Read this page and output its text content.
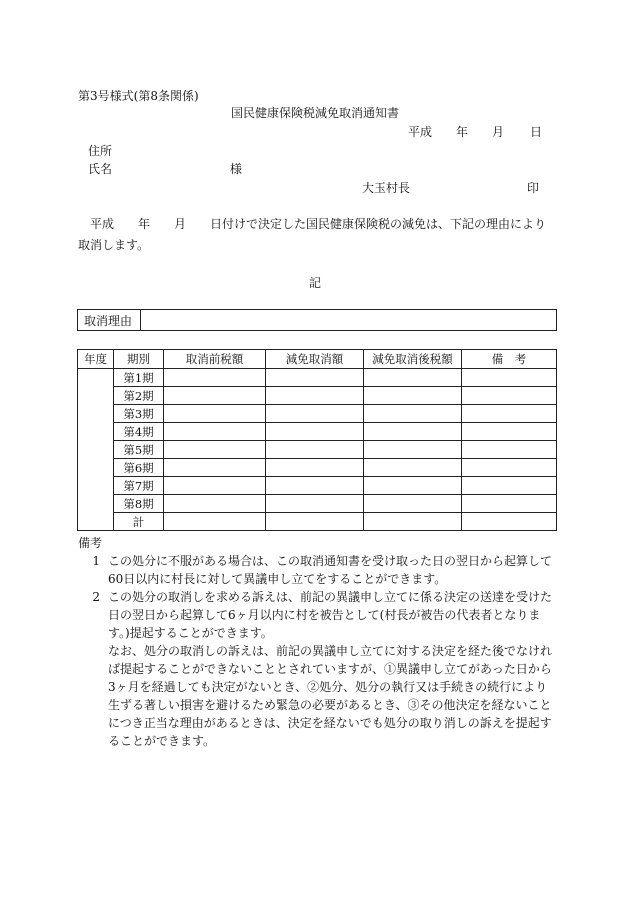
第3号様式(第8条関係)
国民健康保険税減免取消通知書
平成 年 月 日
住所
氏名	様
大玉村長	印
平成　　年　　月　　日付けで決定した国民健康保険税の減免は、下記の理由により取消します。
記
取消理由	
年度	期別	取消前税額	減免取消額	減免取消後税額	備　考
	第1期				
	第2期				
	第3期				
	第4期				
	第5期				
	第6期				
	第7期				
	第8期				
	計				
備考
1 この処分に不服がある場合は、この取消通知書を受け取った日の翌日から起算して60日以内に村長に対して異議申し立てをすることができます。
2 この処分の取消しを求める訴えは、前記の異議申し立てに係る決定の送達を受けた日の翌日から起算して6ヶ月以内に村を被告として(村長が被告の代表者となります。)提起することができます。
なお、処分の取消しの訴えは、前記の異議申し立てに対する決定を経た後でなければ提起することができないこととされていますが、①異議申し立てがあった日から3ヶ月を経過しても決定がないとき、②処分、処分の執行又は手続きの続行により生ずる著しい損害を避けるため緊急の必要があるとき、③その他決定を経ないことにつき正当な理由があるときは、決定を経ないでも処分の取り消しの訴えを提起することができます。
